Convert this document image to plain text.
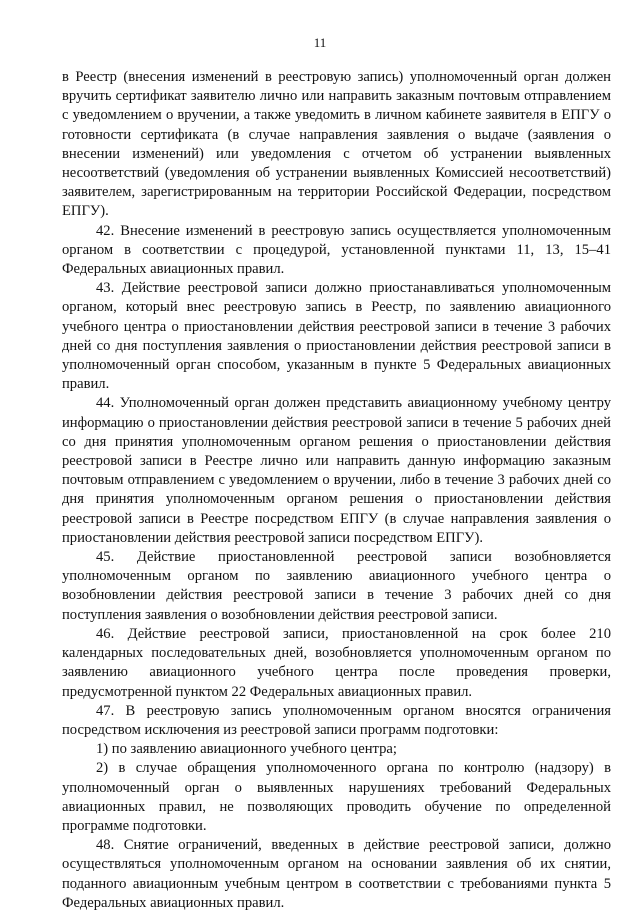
11

в Реестр (внесения изменений в реестровую запись) уполномоченный орган должен вручить сертификат заявителю лично или направить заказным почтовым отправлением с уведомлением о вручении, а также уведомить в личном кабинете заявителя в ЕПГУ о готовности сертификата (в случае направления заявления о выдаче (заявления о внесении изменений) или уведомления с отчетом об устранении выявленных несоответствий (уведомления об устранении выявленных Комиссией несоответствий) заявителем, зарегистрированным на территории Российской Федерации, посредством ЕПГУ).

42. Внесение изменений в реестровую запись осуществляется уполномоченным органом в соответствии с процедурой, установленной пунктами 11, 13, 15–41 Федеральных авиационных правил.

43. Действие реестровой записи должно приостанавливаться уполномоченным органом, который внес реестровую запись в Реестр, по заявлению авиационного учебного центра о приостановлении действия реестровой записи в течение 3 рабочих дней со дня поступления заявления о приостановлении действия реестровой записи в уполномоченный орган способом, указанным в пункте 5 Федеральных авиационных правил.

44. Уполномоченный орган должен представить авиационному учебному центру информацию о приостановлении действия реестровой записи в течение 5 рабочих дней со дня принятия уполномоченным органом решения о приостановлении действия реестровой записи в Реестре лично или направить данную информацию заказным почтовым отправлением с уведомлением о вручении, либо в течение 3 рабочих дней со дня принятия уполномоченным органом решения о приостановлении действия реестровой записи в Реестре посредством ЕПГУ (в случае направления заявления о приостановлении действия реестровой записи посредством ЕПГУ).

45. Действие приостановленной реестровой записи возобновляется уполномоченным органом по заявлению авиационного учебного центра о возобновлении действия реестровой записи в течение 3 рабочих дней со дня поступления заявления о возобновлении действия реестровой записи.

46. Действие реестровой записи, приостановленной на срок более 210 календарных последовательных дней, возобновляется уполномоченным органом по заявлению авиационного учебного центра после проведения проверки, предусмотренной пунктом 22 Федеральных авиационных правил.

47. В реестровую запись уполномоченным органом вносятся ограничения посредством исключения из реестровой записи программ подготовки:

1) по заявлению авиационного учебного центра;

2) в случае обращения уполномоченного органа по контролю (надзору) в уполномоченный орган о выявленных нарушениях требований Федеральных авиационных правил, не позволяющих проводить обучение по определенной программе подготовки.

48. Снятие ограничений, введенных в действие реестровой записи, должно осуществляться уполномоченным органом на основании заявления об их снятии, поданного авиационным учебным центром в соответствии с требованиями пункта 5 Федеральных авиационных правил.
